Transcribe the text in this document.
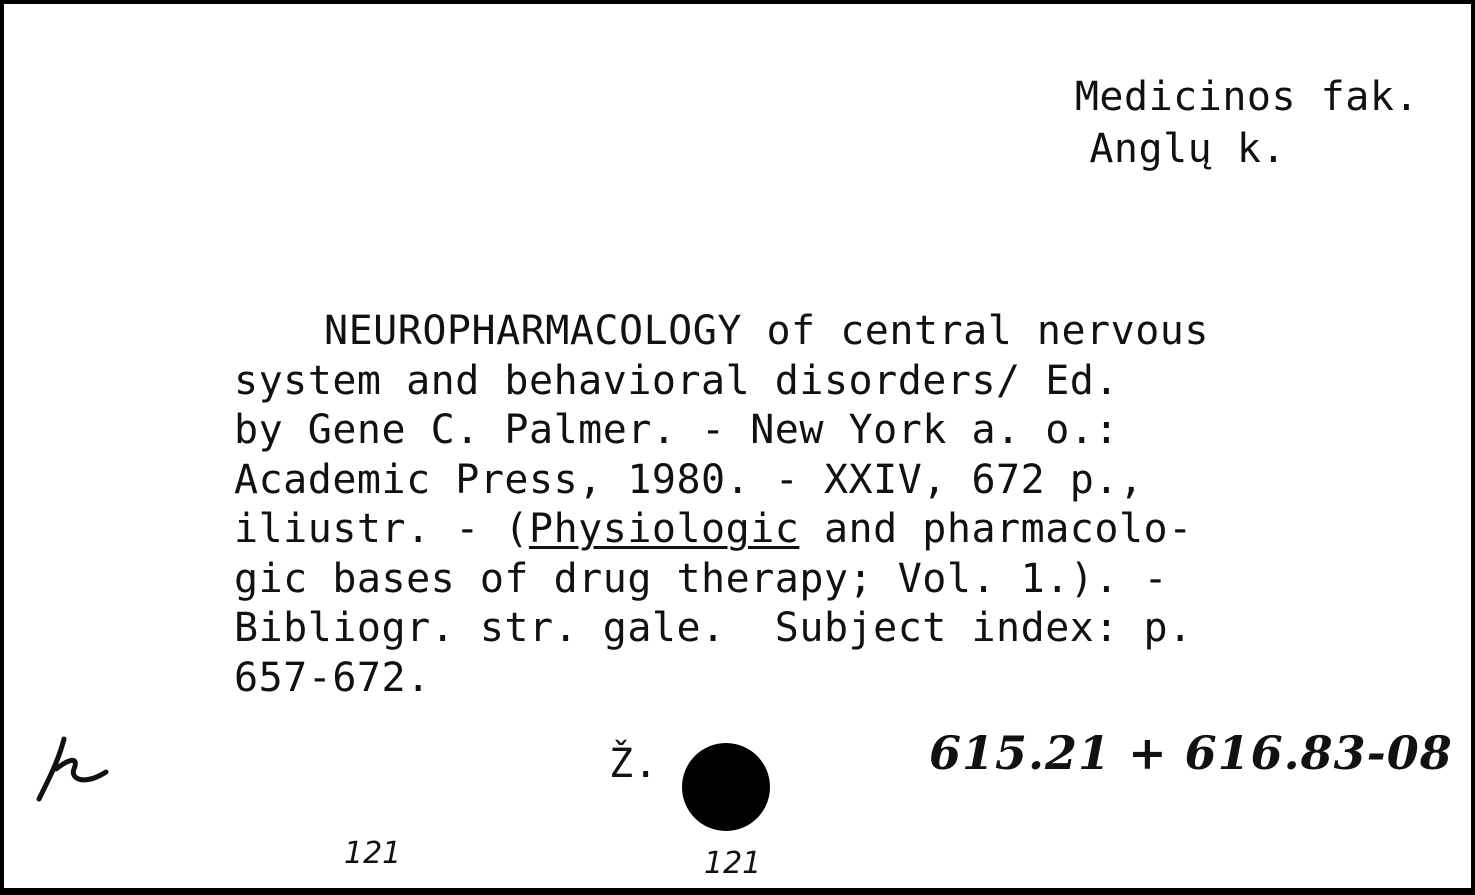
Medicinos fak.
Anglų k.
NEUROPHARMACOLOGY of central nervous
system and behavioral disorders/ Ed.
by Gene C. Palmer. - New York a. o.:
Academic Press, 1980. - XXIV, 672 p.,
iliustr. - (Physiologic and pharmacolo-
gic bases of drug therapy; Vol. 1.). -
Bibliogr. str. gale.  Subject index: p.
657-672.
Ž.	615.21 + 616.83-08
121	121
